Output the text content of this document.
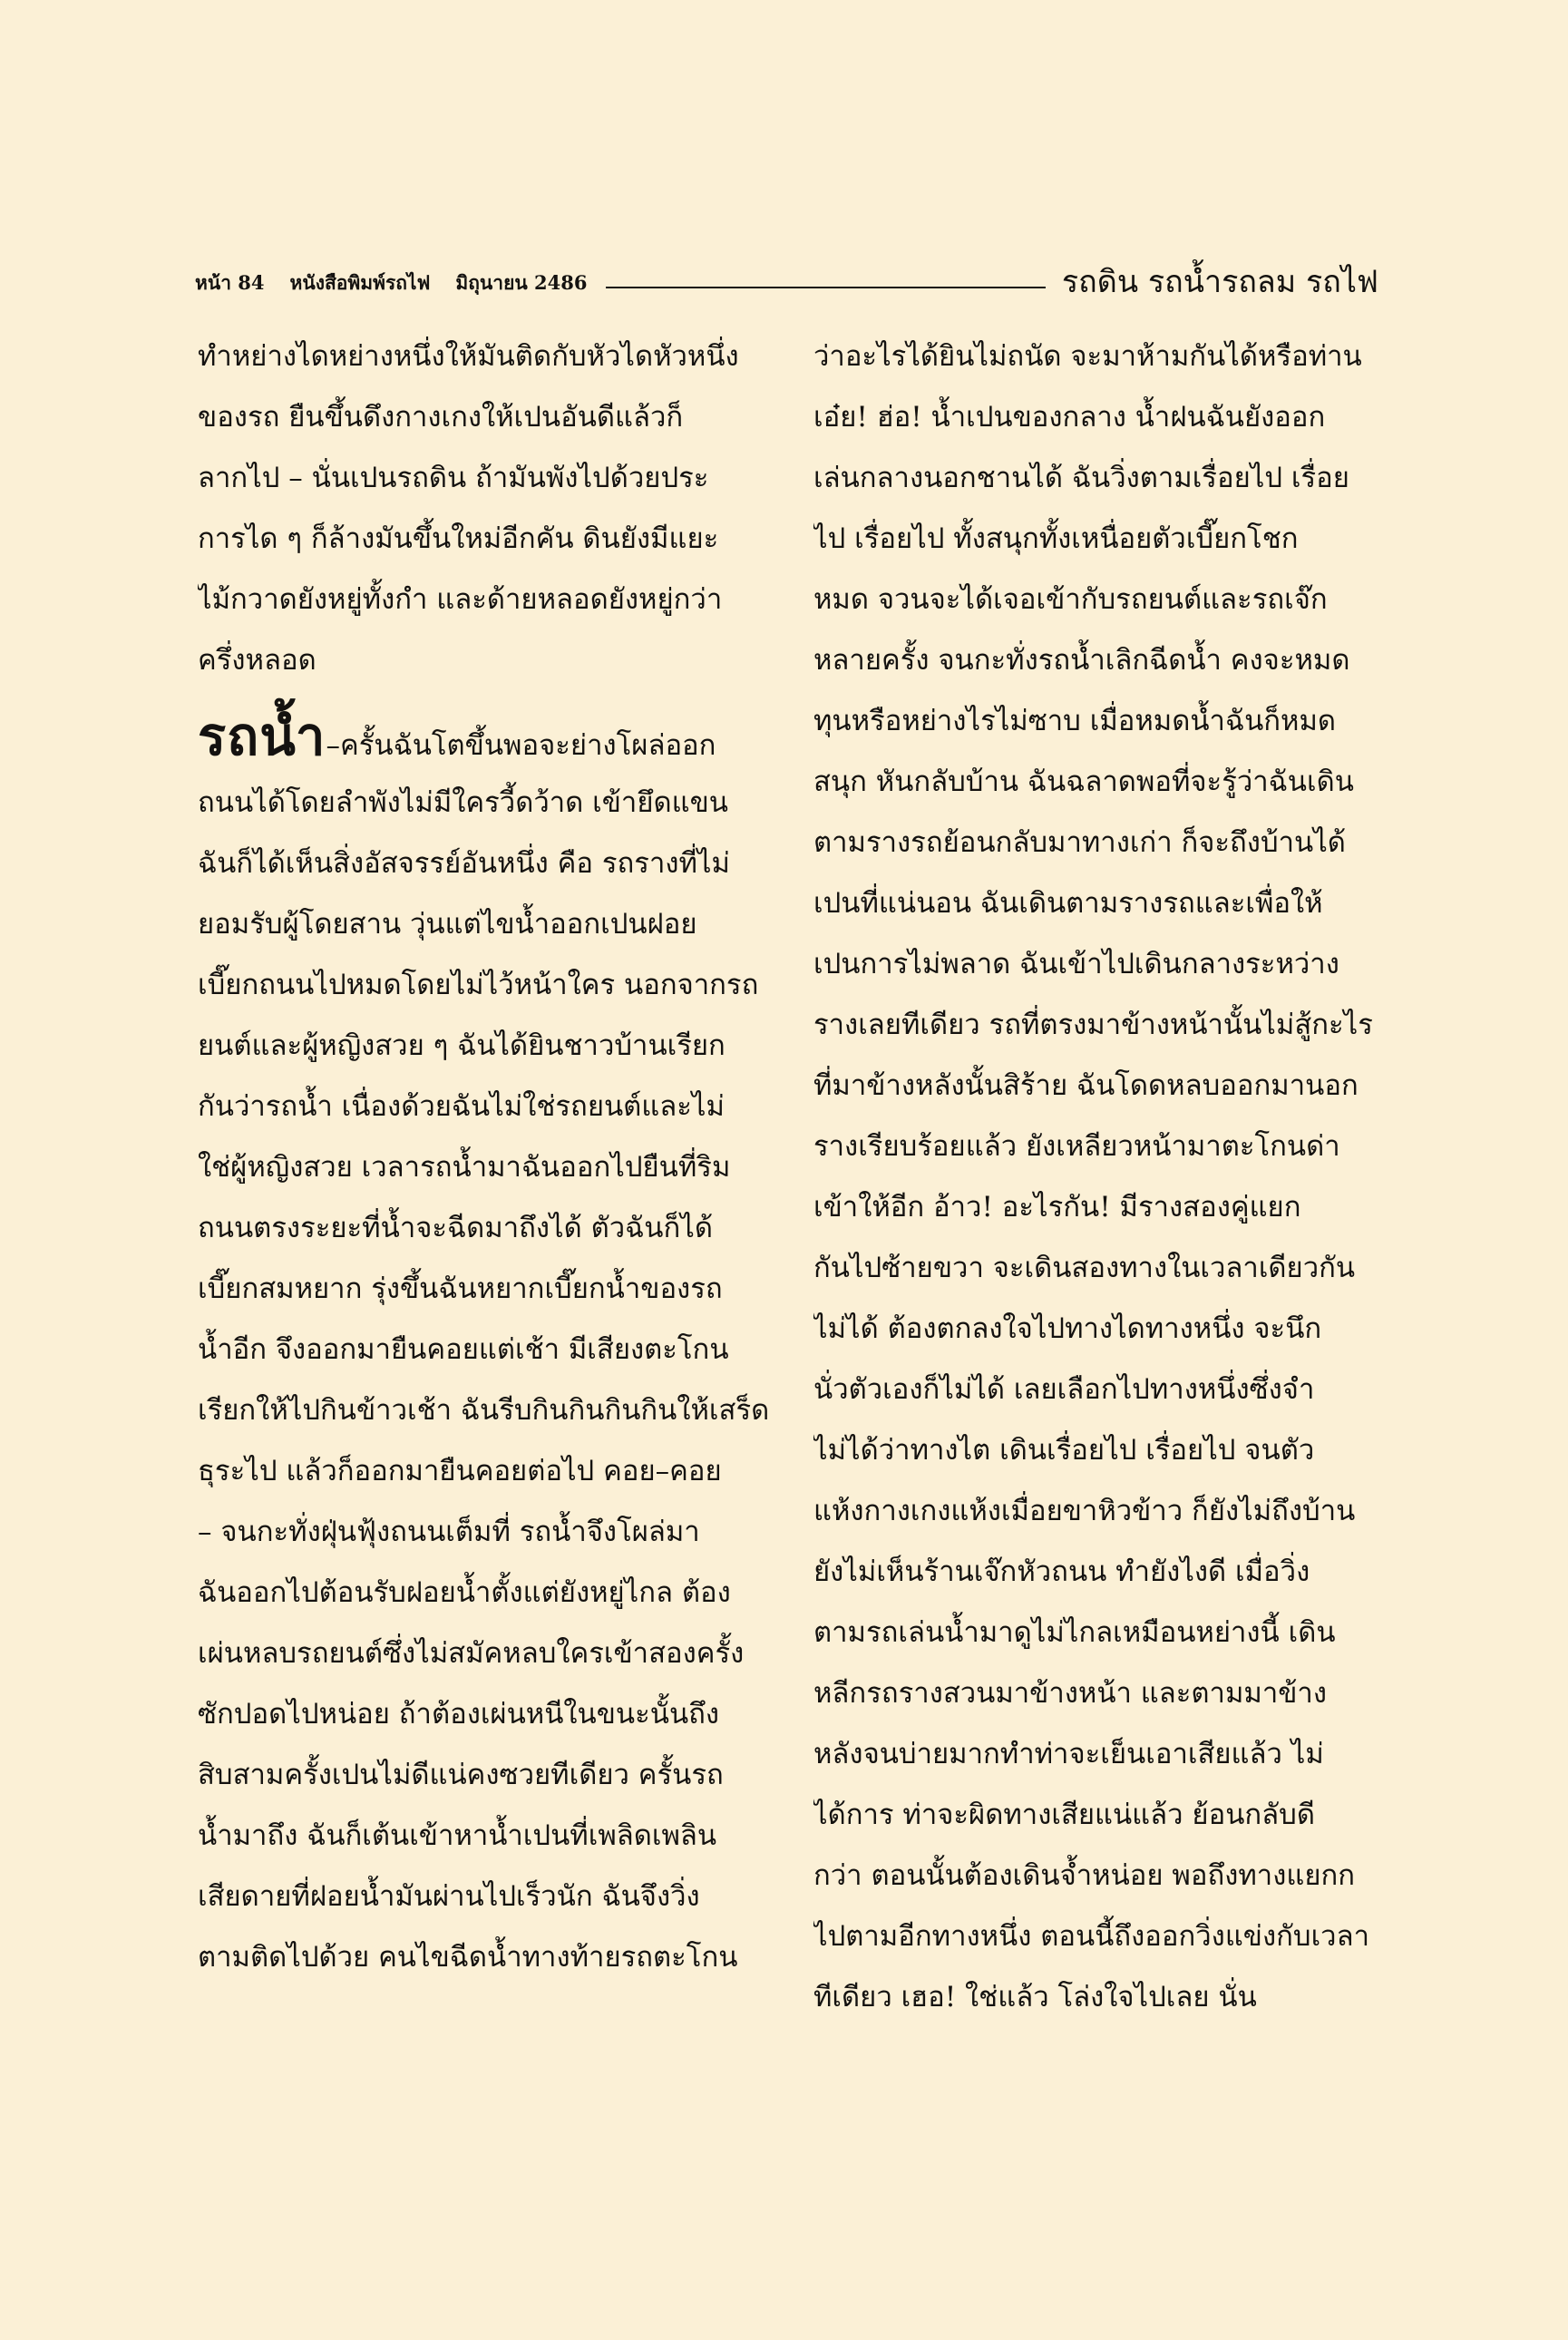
หน้า 84 หนังสือพิมพ์รถไฟ มิถุนายน 2486	รถดิน รถน้ำรถลม รถไฟ
ทำหย่างไดหย่างหนึ่งให้มันติดกับหัวไดหัวหนึ่ง
ของรถ ยืนขึ้นดึงกางเกงให้เปนอันดีแล้วก็
ลากไป – นั่นเปนรถดิน ถ้ามันพังไปด้วยประ
การได ๆ ก็ล้างมันขึ้นใหม่อีกคัน ดินยังมีแยะ
ไม้กวาดยังหยู่ทั้งกำ และด้ายหลอดยังหยู่กว่า
ครึ่งหลอด
รถน้ำ–ครั้นฉันโตขึ้นพอจะย่างโผล่ออก
ถนนได้โดยลำพังไม่มีใครวี้ดว้าด เข้ายึดแขน
ฉันก็ได้เห็นสิ่งอัสจรรย์อันหนึ่ง คือ รถรางที่ไม่
ยอมรับผู้โดยสาน วุ่นแต่ไขน้ำออกเปนฝอย
เบี๊ยกถนนไปหมดโดยไม่ไว้หน้าใคร นอกจากรถ
ยนต์และผู้หญิงสวย ๆ ฉันได้ยินชาวบ้านเรียก
กันว่ารถน้ำ เนื่องด้วยฉันไม่ใช่รถยนต์และไม่
ใช่ผู้หญิงสวย เวลารถน้ำมาฉันออกไปยืนที่ริม
ถนนตรงระยะที่น้ำจะฉีดมาถึงได้ ตัวฉันก็ได้
เบี๊ยกสมหยาก รุ่งขึ้นฉันหยากเบี๊ยกน้ำของรถ
น้ำอีก จึงออกมายืนคอยแต่เช้า มีเสียงตะโกน
เรียกให้ไปกินข้าวเช้า ฉันรีบกินกินกินกินให้เสร็ด
ธุระไป แล้วก็ออกมายืนคอยต่อไป คอย–คอย
– จนกะทั่งฝุ่นฟุ้งถนนเต็มที่ รถน้ำจึงโผล่มา
ฉันออกไปต้อนรับฝอยน้ำตั้งแต่ยังหยู่ไกล ต้อง
เผ่นหลบรถยนต์ซึ่งไม่สมัคหลบใครเข้าสองครั้ง
ซักปอดไปหน่อย ถ้าต้องเผ่นหนีในขนะนั้นถึง
สิบสามครั้งเปนไม่ดีแน่คงซวยทีเดียว ครั้นรถ
น้ำมาถึง ฉันก็เต้นเข้าหาน้ำเปนที่เพลิดเพลิน
เสียดายที่ฝอยน้ำมันผ่านไปเร็วนัก ฉันจึงวิ่ง
ตามติดไปด้วย คนไขฉีดน้ำทางท้ายรถตะโกน
ว่าอะไรได้ยินไม่ถนัด จะมาห้ามกันได้หรือท่าน
เอ๋ย! ฮ่อ! น้ำเปนของกลาง น้ำฝนฉันยังออก
เล่นกลางนอกชานได้ ฉันวิ่งตามเรื่อยไป เรื่อย
ไป เรื่อยไป ทั้งสนุกทั้งเหนื่อยตัวเบี๊ยกโชก
หมด จวนจะได้เจอเข้ากับรถยนต์และรถเจ๊ก
หลายครั้ง จนกะทั่งรถน้ำเลิกฉีดน้ำ คงจะหมด
ทุนหรือหย่างไรไม่ซาบ เมื่อหมดน้ำฉันก็หมด
สนุก หันกลับบ้าน ฉันฉลาดพอที่จะรู้ว่าฉันเดิน
ตามรางรถย้อนกลับมาทางเก่า ก็จะถึงบ้านได้
เปนที่แน่นอน ฉันเดินตามรางรถและเพื่อให้
เปนการไม่พลาด ฉันเข้าไปเดินกลางระหว่าง
รางเลยทีเดียว รถที่ตรงมาข้างหน้านั้นไม่สู้กะไร
ที่มาข้างหลังนั้นสิร้าย ฉันโดดหลบออกมานอก
รางเรียบร้อยแล้ว ยังเหลียวหน้ามาตะโกนด่า
เข้าให้อีก อ้าว! อะไรกัน! มีรางสองคู่แยก
กันไปซ้ายขวา จะเดินสองทางในเวลาเดียวกัน
ไม่ได้ ต้องตกลงใจไปทางไดทางหนึ่ง จะนึก
นั่วตัวเองก็ไม่ได้ เลยเลือกไปทางหนึ่งซึ่งจำ
ไม่ได้ว่าทางไต เดินเรื่อยไป เรื่อยไป จนตัว
แห้งกางเกงแห้งเมื่อยขาหิวข้าว ก็ยังไม่ถึงบ้าน
ยังไม่เห็นร้านเจ๊กหัวถนน ทำยังไงดี เมื่อวิ่ง
ตามรถเล่นน้ำมาดูไม่ไกลเหมือนหย่างนี้ เดิน
หลีกรถรางสวนมาข้างหน้า และตามมาข้าง
หลังจนบ่ายมากทำท่าจะเย็นเอาเสียแล้ว ไม่
ได้การ ท่าจะผิดทางเสียแน่แล้ว ย้อนกลับดี
กว่า ตอนนั้นต้องเดินจ้ำหน่อย พอถึงทางแยกก
ไปตามอีกทางหนึ่ง ตอนนี้ถึงออกวิ่งแข่งกับเวลา
ทีเดียว เฮอ! ใช่แล้ว โล่งใจไปเลย นั่น
